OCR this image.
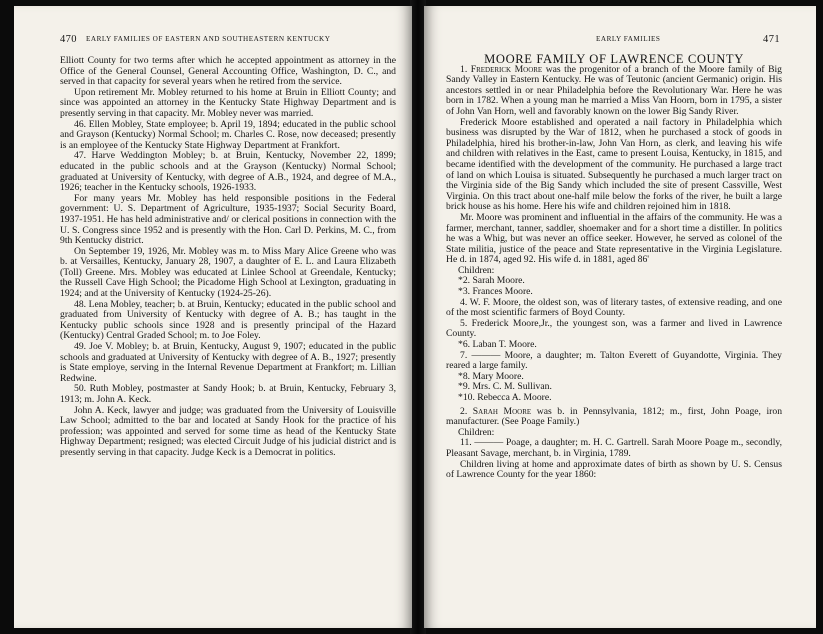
470 EARLY FAMILIES OF EASTERN AND SOUTHEASTERN KENTUCKY

Elliott County for two terms after which he accepted appointment as attorney in the Office of the General Counsel, General Accounting Office, Washington, D. C., and served in that capacity for several years when he retired from the service.

Upon retirement Mr. Mobley returned to his home at Bruin in Elliott County; and since was appointed an attorney in the Kentucky State Highway Department and is presently serving in that capacity. Mr. Mobley never was married.

46. Ellen Mobley, State employee; b. April 19, 1894; educated in the public school and Grayson (Kentucky) Normal School; m. Charles C. Rose, now deceased; presently is an employee of the Kentucky State Highway Department at Frankfort.

47. Harve Weddington Mobley; b. at Bruin, Kentucky, November 22, 1899; educated in the public schools and at the Grayson (Kentucky) Normal School; graduated at University of Kentucky, with degree of A.B., 1924, and degree of M.A., 1926; teacher in the Kentucky schools, 1926-1933.

For many years Mr. Mobley has held responsible positions in the Federal government: U. S. Department of Agriculture, 1935-1937; Social Security Board, 1937-1951. He has held administrative and/ or clerical positions in connection with the U. S. Congress since 1952 and is presently with the Hon. Carl D. Perkins, M. C., from 9th Kentucky district.

On September 19, 1926, Mr. Mobley was m. to Miss Mary Alice Greene who was b. at Versailles, Kentucky, January 28, 1907, a daughter of E. L. and Laura Elizabeth (Toll) Greene. Mrs. Mobley was educated at Linlee School at Greendale, Kentucky; the Russell Cave High School; the Picadome High School at Lexington, graduating in 1924; and at the University of Kentucky (1924-25-26).

48. Lena Mobley, teacher; b. at Bruin, Kentucky; educated in the public school and graduated from University of Kentucky with degree of A. B.; has taught in the Kentucky public schools since 1928 and is presently principal of the Hazard (Kentucky) Central Graded School; m. to Joe Foley.

49. Joe V. Mobley; b. at Bruin, Kentucky, August 9, 1907; educated in the public schools and graduated at University of Kentucky with degree of A. B., 1927; presently is State employe, serving in the Internal Revenue Department at Frankfort; m. Lillian Redwine.

50. Ruth Mobley, postmaster at Sandy Hook; b. at Bruin, Kentucky, February 3, 1913; m. John A. Keck.

John A. Keck, lawyer and judge; was graduated from the University of Louisville Law School; admitted to the bar and located at Sandy Hook for the practice of his profession; was appointed and served for some time as head of the Kentucky State Highway Department; resigned; was elected Circuit Judge of his judicial district and is presently serving in that capacity. Judge Keck is a Democrat in politics.

EARLY FAMILIES	471

MOORE FAMILY OF LAWRENCE COUNTY

1. Frederick Moore was the progenitor of a branch of the Moore family of Big Sandy Valley in Eastern Kentucky. He was of Teutonic (ancient Germanic) origin. His ancestors settled in or near Philadelphia before the Revolutionary War. Here he was born in 1782. When a young man he married a Miss Van Hoorn, born in 1795, a sister of John Van Horn, well and favorably known on the lower Big Sandy River.

Frederick Moore established and operated a nail factory in Philadelphia which business was disrupted by the War of 1812, when he purchased a stock of goods in Philadelphia, hired his brother-in-law, John Van Horn, as clerk, and leaving his wife and children with relatives in the East, came to present Louisa, Kentucky, in 1815, and became identified with the development of the community. He purchased a large tract of land on which Louisa is situated. Subsequently he purchased a much larger tract on the Virginia side of the Big Sandy which included the site of present Cassville, West Virginia. On this tract about one-half mile below the forks of the river, he built a large brick house as his home. Here his wife and children rejoined him in 1818.

Mr. Moore was prominent and influential in the affairs of the community. He was a farmer, merchant, tanner, saddler, shoemaker and for a short time a distiller. In politics he was a Whig, but was never an office seeker. However, he served as colonel of the State militia, justice of the peace and State representative in the Virginia Legislature. He d. in 1874, aged 92. His wife d. in 1881, aged 86'

Children:

*2. Sarah Moore.

*3. Frances Moore.

4. W. F. Moore, the oldest son, was of literary tastes, of extensive reading, and one of the most scientific farmers of Boyd County.

5. Frederick Moore,Jr., the youngest son, was a farmer and lived in Lawrence County.

*6. Laban T. Moore.

7. ——— Moore, a daughter; m. Talton Everett of Guyandotte, Virginia. They reared a large family.

*8. Mary Moore.

*9. Mrs. C. M. Sullivan.

*10. Rebecca A. Moore.

2. Sarah Moore was b. in Pennsylvania, 1812; m., first, John Poage, iron manufacturer. (See Poage Family.)

Children:

11. ——— Poage, a daughter; m. H. C. Gartrell. Sarah Moore Poage m., secondly, Pleasant Savage, merchant, b. in Virginia, 1789.

Children living at home and approximate dates of birth as shown by U. S. Census of Lawrence County for the year 1860:
